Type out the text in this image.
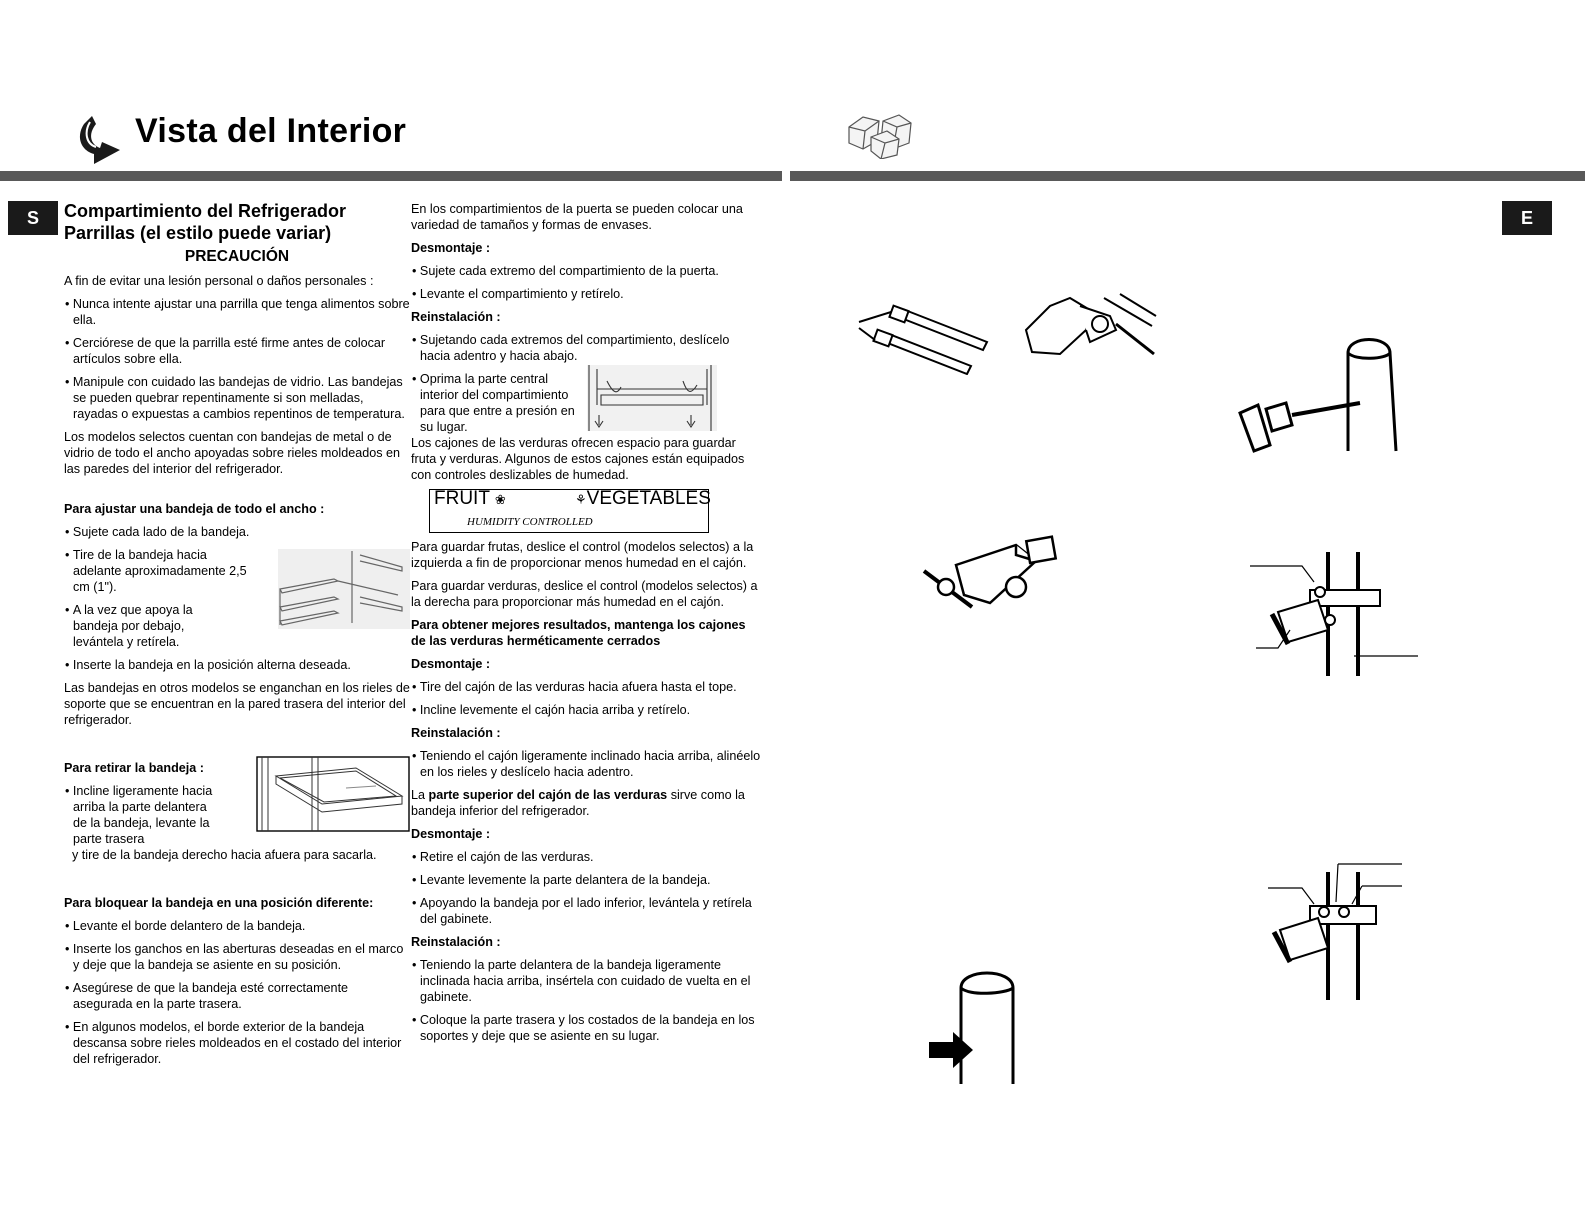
Vista del Interior
S	E

Compartimiento del Refrigerador
Parrillas (el estilo puede variar)

PRECAUCIÓN

A fin de evitar una lesión personal o daños personales :

• Nunca intente ajustar una parrilla que tenga alimentos sobre ella.

• Cerciórese de que la parrilla esté firme antes de colocar artículos sobre ella.

• Manipule con cuidado las bandejas de vidrio. Las bandejas se pueden quebrar repentinamente si son melladas, rayadas o expuestas a cambios repentinos de temperatura.

Los modelos selectos cuentan con bandejas de metal o de vidrio de todo el ancho apoyadas sobre rieles moldeados en las paredes del interior del refrigerador.

Para ajustar una bandeja de todo el ancho :

• Sujete cada lado de la bandeja.

• Tire de la bandeja hacia adelante aproximadamente 2,5 cm (1").

• A la vez que apoya la bandeja por debajo, levántela y retírela.

• Inserte la bandeja en la posición alterna deseada.

Las bandejas en otros modelos se enganchan en los rieles de soporte que se encuentran en la pared trasera del interior del refrigerador.

Para retirar la bandeja :

• Incline ligeramente hacia arriba la parte delantera de la bandeja, levante la parte trasera

y tire de la bandeja derecho hacia afuera para sacarla.

Para bloquear la bandeja en una posición diferente:

• Levante el borde delantero de la bandeja.

• Inserte los ganchos en las aberturas deseadas en el marco y deje que la bandeja se asiente en su posición.

• Asegúrese de que la bandeja esté correctamente asegurada en la parte trasera.

• En algunos modelos, el borde exterior de la bandeja descansa sobre rieles moldeados en el costado del interior del refrigerador.

En los compartimientos de la puerta se pueden colocar una variedad de tamaños y formas de envases.

Desmontaje :

• Sujete cada extremo del compartimiento de la puerta.

• Levante el compartimiento y retírelo.

Reinstalación :

• Sujetando cada extremos del compartimiento, deslícelo hacia adentro y hacia abajo.

• Oprima la parte central interior del compartimiento para que entre a presión en su lugar.

Los cajones de las verduras ofrecen espacio para guardar fruta y verduras. Algunos de estos cajones están equipados con controles deslizables de humedad.

FRUIT ❀	⚘VEGETABLES
HUMIDITY CONTROLLED

Para guardar frutas, deslice el control (modelos selectos) a la izquierda a fin de proporcionar menos humedad en el cajón.

Para guardar verduras, deslice el control (modelos selectos) a la derecha para proporcionar más humedad en el cajón.

Para obtener mejores resultados, mantenga los cajones de las verduras herméticamente cerrados

Desmontaje :

• Tire del cajón de las verduras hacia afuera hasta el tope.

• Incline levemente el cajón hacia arriba y retírelo.

Reinstalación :

• Teniendo el cajón ligeramente inclinado hacia arriba, alinéelo en los rieles y deslícelo hacia adentro.

La parte superior del cajón de las verduras sirve como la bandeja inferior del refrigerador.

Desmontaje :

• Retire el cajón de las verduras.

• Levante levemente la parte delantera de la bandeja.

• Apoyando la bandeja por el lado inferior, levántela y retírela del gabinete.

Reinstalación :

• Teniendo la parte delantera de la bandeja ligeramente inclinada hacia arriba, insértela con cuidado de vuelta en el gabinete.

• Coloque la parte trasera y los costados de la bandeja en los soportes y deje que se asiente en su lugar.
